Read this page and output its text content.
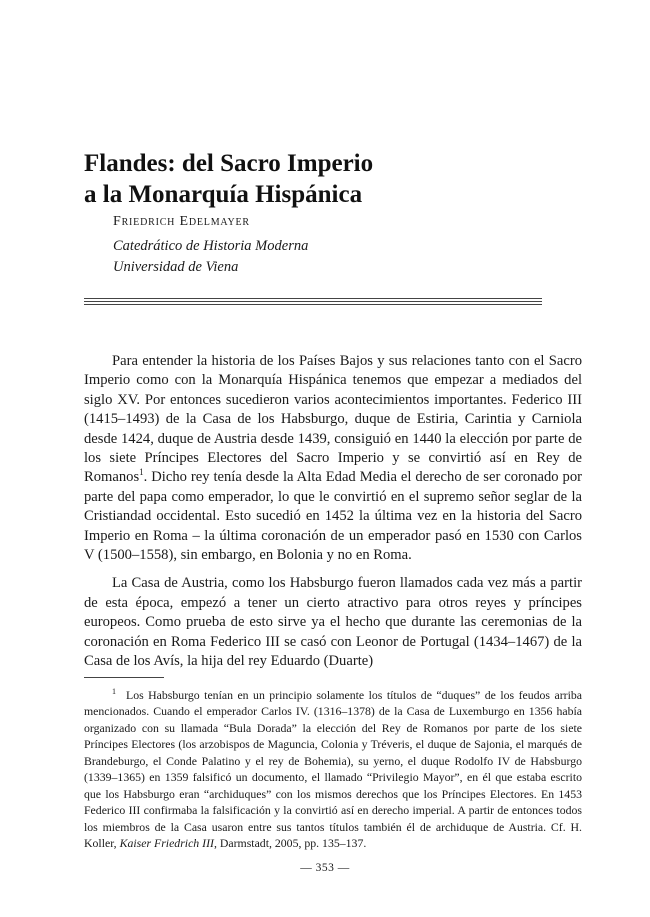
Flandes: del Sacro Imperio
a la Monarquía Hispánica
Friedrich Edelmayer
Catedrático de Historia Moderna
Universidad de Viena

Para entender la historia de los Países Bajos y sus relaciones tanto con el Sacro Imperio como con la Monarquía Hispánica tenemos que empezar a mediados del siglo XV. Por entonces sucedieron varios acontecimientos importantes. Federico III (1415–1493) de la Casa de los Habsburgo, duque de Estiria, Carintia y Carniola desde 1424, duque de Austria desde 1439, consiguió en 1440 la elección por parte de los siete Príncipes Electores del Sacro Imperio y se convirtió así en Rey de Romanos$^1$. Dicho rey tenía desde la Alta Edad Media el derecho de ser coronado por parte del papa como emperador, lo que le convirtió en el supremo señor seglar de la Cristiandad occidental. Esto sucedió en 1452 la última vez en la historia del Sacro Imperio en Roma – la última coronación de un emperador pasó en 1530 con Carlos V (1500–1558), sin embargo, en Bolonia y no en Roma.

La Casa de Austria, como los Habsburgo fueron llamados cada vez más a partir de esta época, empezó a tener un cierto atractivo para otros reyes y príncipes europeos. Como prueba de esto sirve ya el hecho que durante las ceremonias de la coronación en Roma Federico III se casó con Leonor de Portugal (1434–1467) de la Casa de los Avís, la hija del rey Eduardo (Duarte)

$^1$ Los Habsburgo tenían en un principio solamente los títulos de “duques” de los feudos arriba mencionados. Cuando el emperador Carlos IV. (1316–1378) de la Casa de Luxemburgo en 1356 había organizado con su llamada “Bula Dorada” la elección del Rey de Romanos por parte de los siete Príncipes Electores (los arzobispos de Maguncia, Colonia y Tréveris, el duque de Sajonia, el marqués de Brandeburgo, el Conde Palatino y el rey de Bohemia), su yerno, el duque Rodolfo IV de Habsburgo (1339–1365) en 1359 falsificó un documento, el llamado “Privilegio Mayor”, en él que estaba escrito que los Habsburgo eran “archiduques” con los mismos derechos que los Príncipes Electores. En 1453 Federico III confirmaba la falsificación y la convirtió así en derecho imperial. A partir de entonces todos los miembros de la Casa usaron entre sus tantos títulos también él de archiduque de Austria. Cf. H. Koller, Kaiser Friedrich III, Darmstadt, 2005, pp. 135–137.

— 353 —
